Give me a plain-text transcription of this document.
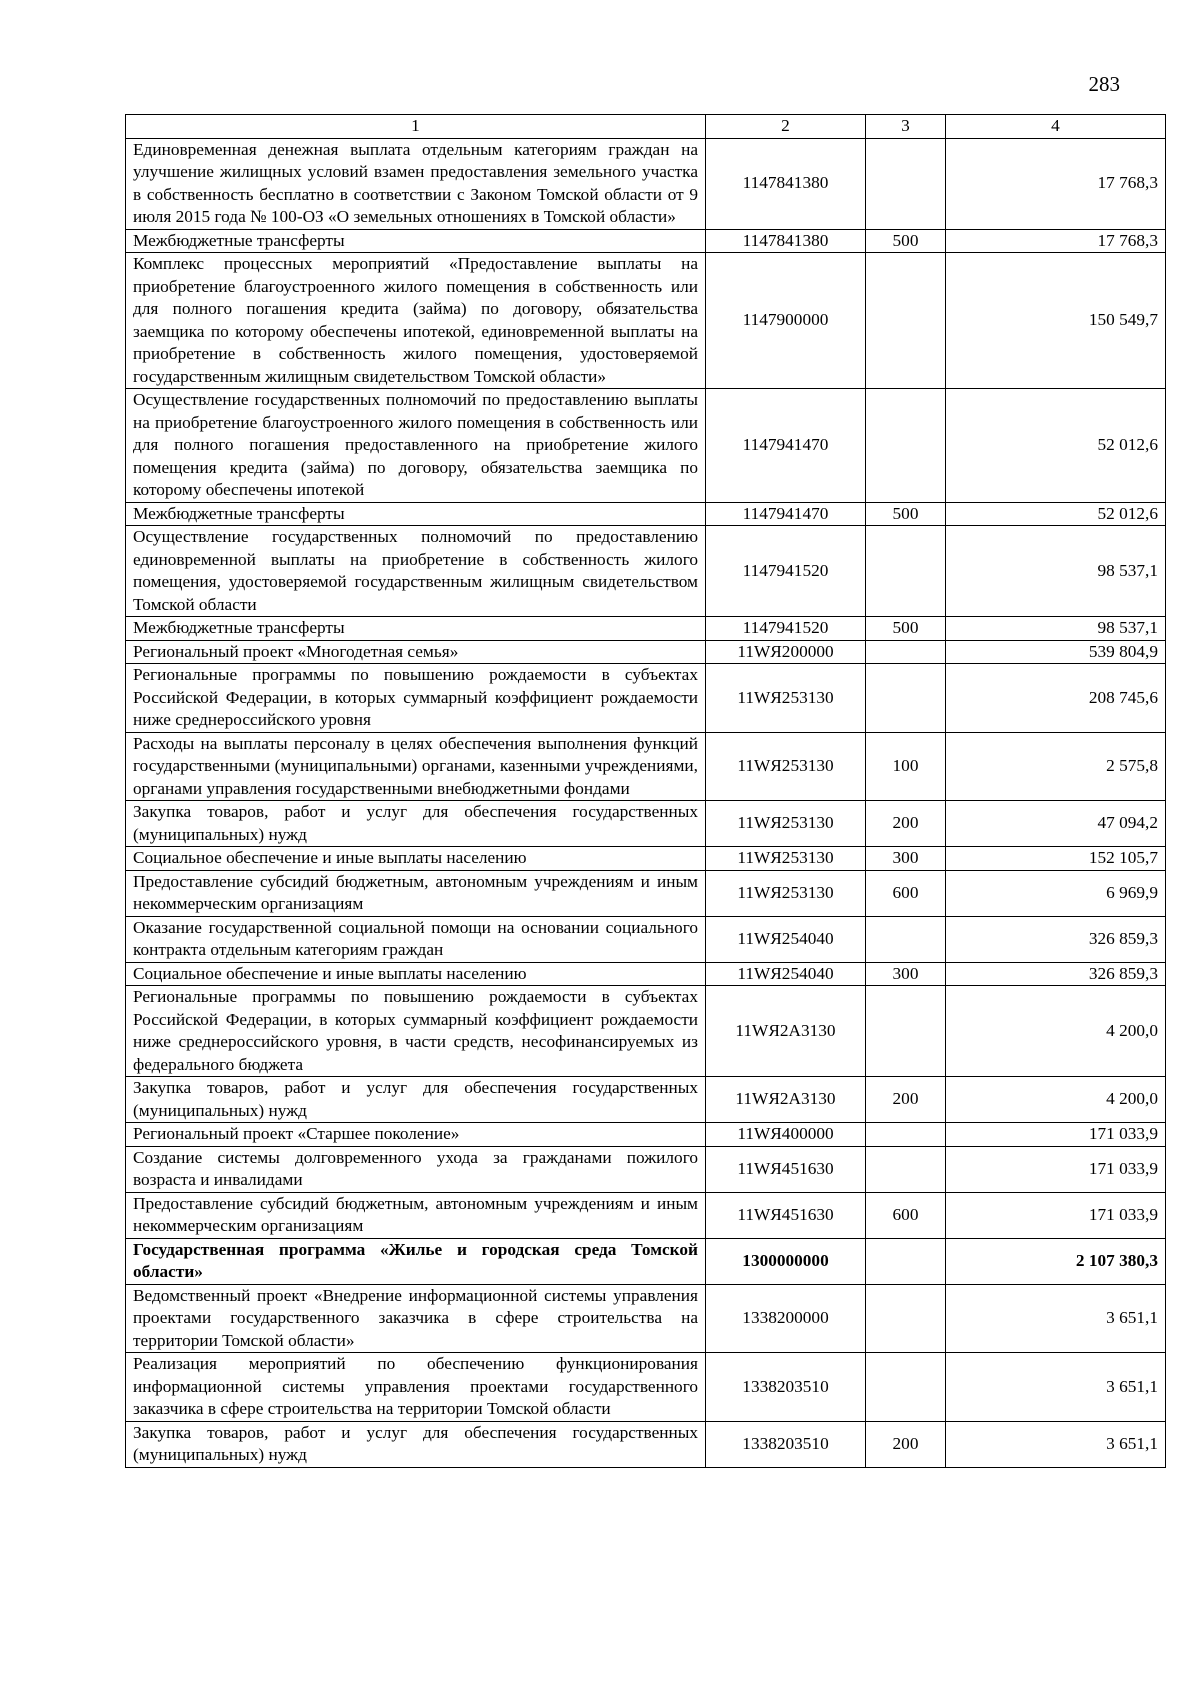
283
1	2	3	4
Единовременная денежная выплата отдельным категориям граждан на улучшение жилищных условий взамен предоставления земельного участка в собственность бесплатно в соответствии с Законом Томской области от 9 июля 2015 года № 100-ОЗ «О земельных отношениях в Томской области»	1147841380		17 768,3
Межбюджетные трансферты	1147841380	500	17 768,3
Комплекс процессных мероприятий «Предоставление выплаты на приобретение благоустроенного жилого помещения в собственность или для полного погашения кредита (займа) по договору, обязательства заемщика по которому обеспечены ипотекой, единовременной выплаты на приобретение в собственность жилого помещения, удостоверяемой государственным жилищным свидетельством Томской области»	1147900000		150 549,7
Осуществление государственных полномочий по предоставлению выплаты на приобретение благоустроенного жилого помещения в собственность или для полного погашения предоставленного на приобретение жилого помещения кредита (займа) по договору, обязательства заемщика по которому обеспечены ипотекой	1147941470		52 012,6
Межбюджетные трансферты	1147941470	500	52 012,6
Осуществление государственных полномочий по предоставлению единовременной выплаты на приобретение в собственность жилого помещения, удостоверяемой государственным жилищным свидетельством Томской области	1147941520		98 537,1
Межбюджетные трансферты	1147941520	500	98 537,1
Региональный проект «Многодетная семья»	11WЯ200000		539 804,9
Региональные программы по повышению рождаемости в субъектах Российской Федерации, в которых суммарный коэффициент рождаемости ниже среднероссийского уровня	11WЯ253130		208 745,6
Расходы на выплаты персоналу в целях обеспечения выполнения функций государственными (муниципальными) органами, казенными учреждениями, органами управления государственными внебюджетными фондами	11WЯ253130	100	2 575,8
Закупка товаров, работ и услуг для обеспечения государственных (муниципальных) нужд	11WЯ253130	200	47 094,2
Социальное обеспечение и иные выплаты населению	11WЯ253130	300	152 105,7
Предоставление субсидий бюджетным, автономным учреждениям и иным некоммерческим организациям	11WЯ253130	600	6 969,9
Оказание государственной социальной помощи на основании социального контракта отдельным категориям граждан	11WЯ254040		326 859,3
Социальное обеспечение и иные выплаты населению	11WЯ254040	300	326 859,3
Региональные программы по повышению рождаемости в субъектах Российской Федерации, в которых суммарный коэффициент рождаемости ниже среднероссийского уровня, в части средств, несофинансируемых из федерального бюджета	11WЯ2А3130		4 200,0
Закупка товаров, работ и услуг для обеспечения государственных (муниципальных) нужд	11WЯ2А3130	200	4 200,0
Региональный проект «Старшее поколение»	11WЯ400000		171 033,9
Создание системы долговременного ухода за гражданами пожилого возраста и инвалидами	11WЯ451630		171 033,9
Предоставление субсидий бюджетным, автономным учреждениям и иным некоммерческим организациям	11WЯ451630	600	171 033,9
Государственная программа «Жилье и городская среда Томской области»	1300000000		2 107 380,3
Ведомственный проект «Внедрение информационной системы управления проектами государственного заказчика в сфере строительства на территории Томской области»	1338200000		3 651,1
Реализация мероприятий по обеспечению функционирования информационной системы управления проектами государственного заказчика в сфере строительства на территории Томской области	1338203510		3 651,1
Закупка товаров, работ и услуг для обеспечения государственных (муниципальных) нужд	1338203510	200	3 651,1
